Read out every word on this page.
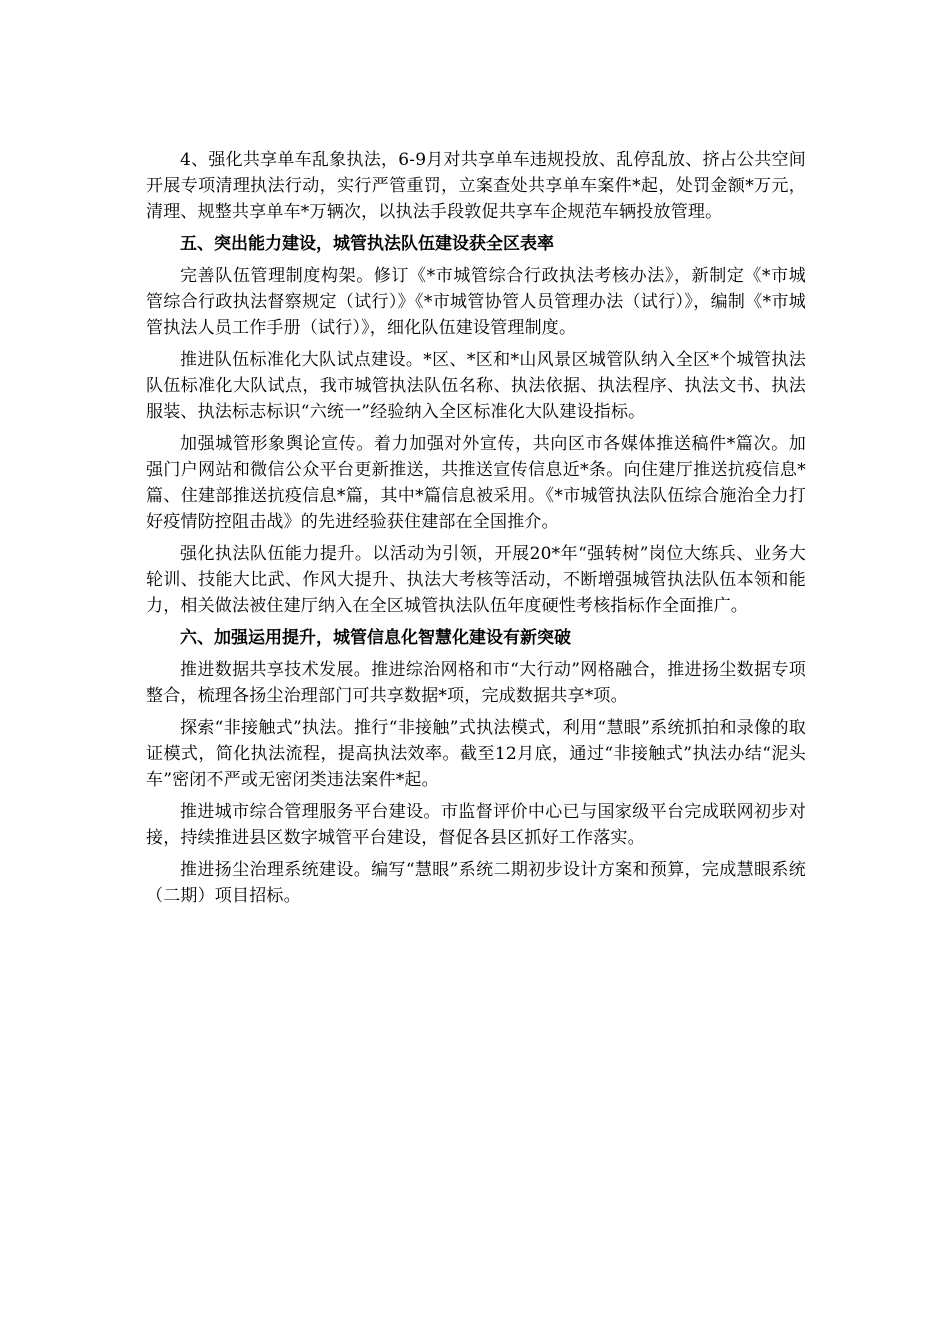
4、强化共享单车乱象执法，6-9月对共享单车违规投放、乱停乱放、挤占公共空间开展专项清理执法行动，实行严管重罚，立案查处共享单车案件*起，处罚金额*万元，清理、规整共享单车*万辆次，以执法手段敦促共享车企规范车辆投放管理。

五、突出能力建设，城管执法队伍建设获全区表率

完善队伍管理制度构架。修订《*市城管综合行政执法考核办法》，新制定《*市城管综合行政执法督察规定（试行）》《*市城管协管人员管理办法（试行）》，编制《*市城管执法人员工作手册（试行）》，细化队伍建设管理制度。

推进队伍标准化大队试点建设。*区、*区和*山风景区城管队纳入全区*个城管执法队伍标准化大队试点，我市城管执法队伍名称、执法依据、执法程序、执法文书、执法服装、执法标志标识“六统一”经验纳入全区标准化大队建设指标。

加强城管形象舆论宣传。着力加强对外宣传，共向区市各媒体推送稿件*篇次。加强门户网站和微信公众平台更新推送，共推送宣传信息近*条。向住建厅推送抗疫信息*篇、住建部推送抗疫信息*篇，其中*篇信息被采用。《*市城管执法队伍综合施治全力打好疫情防控阻击战》的先进经验获住建部在全国推介。

强化执法队伍能力提升。以活动为引领，开展20*年“强转树”岗位大练兵、业务大轮训、技能大比武、作风大提升、执法大考核等活动，不断增强城管执法队伍本领和能力，相关做法被住建厅纳入在全区城管执法队伍年度硬性考核指标作全面推广。

六、加强运用提升，城管信息化智慧化建设有新突破

推进数据共享技术发展。推进综治网格和市“大行动”网格融合，推进扬尘数据专项整合，梳理各扬尘治理部门可共享数据*项，完成数据共享*项。

探索“非接触式”执法。推行“非接触”式执法模式，利用“慧眼”系统抓拍和录像的取证模式，简化执法流程，提高执法效率。截至12月底，通过“非接触式”执法办结“泥头车”密闭不严或无密闭类违法案件*起。

推进城市综合管理服务平台建设。市监督评价中心已与国家级平台完成联网初步对接，持续推进县区数字城管平台建设，督促各县区抓好工作落实。

推进扬尘治理系统建设。编写“慧眼”系统二期初步设计方案和预算，完成慧眼系统（二期）项目招标。
